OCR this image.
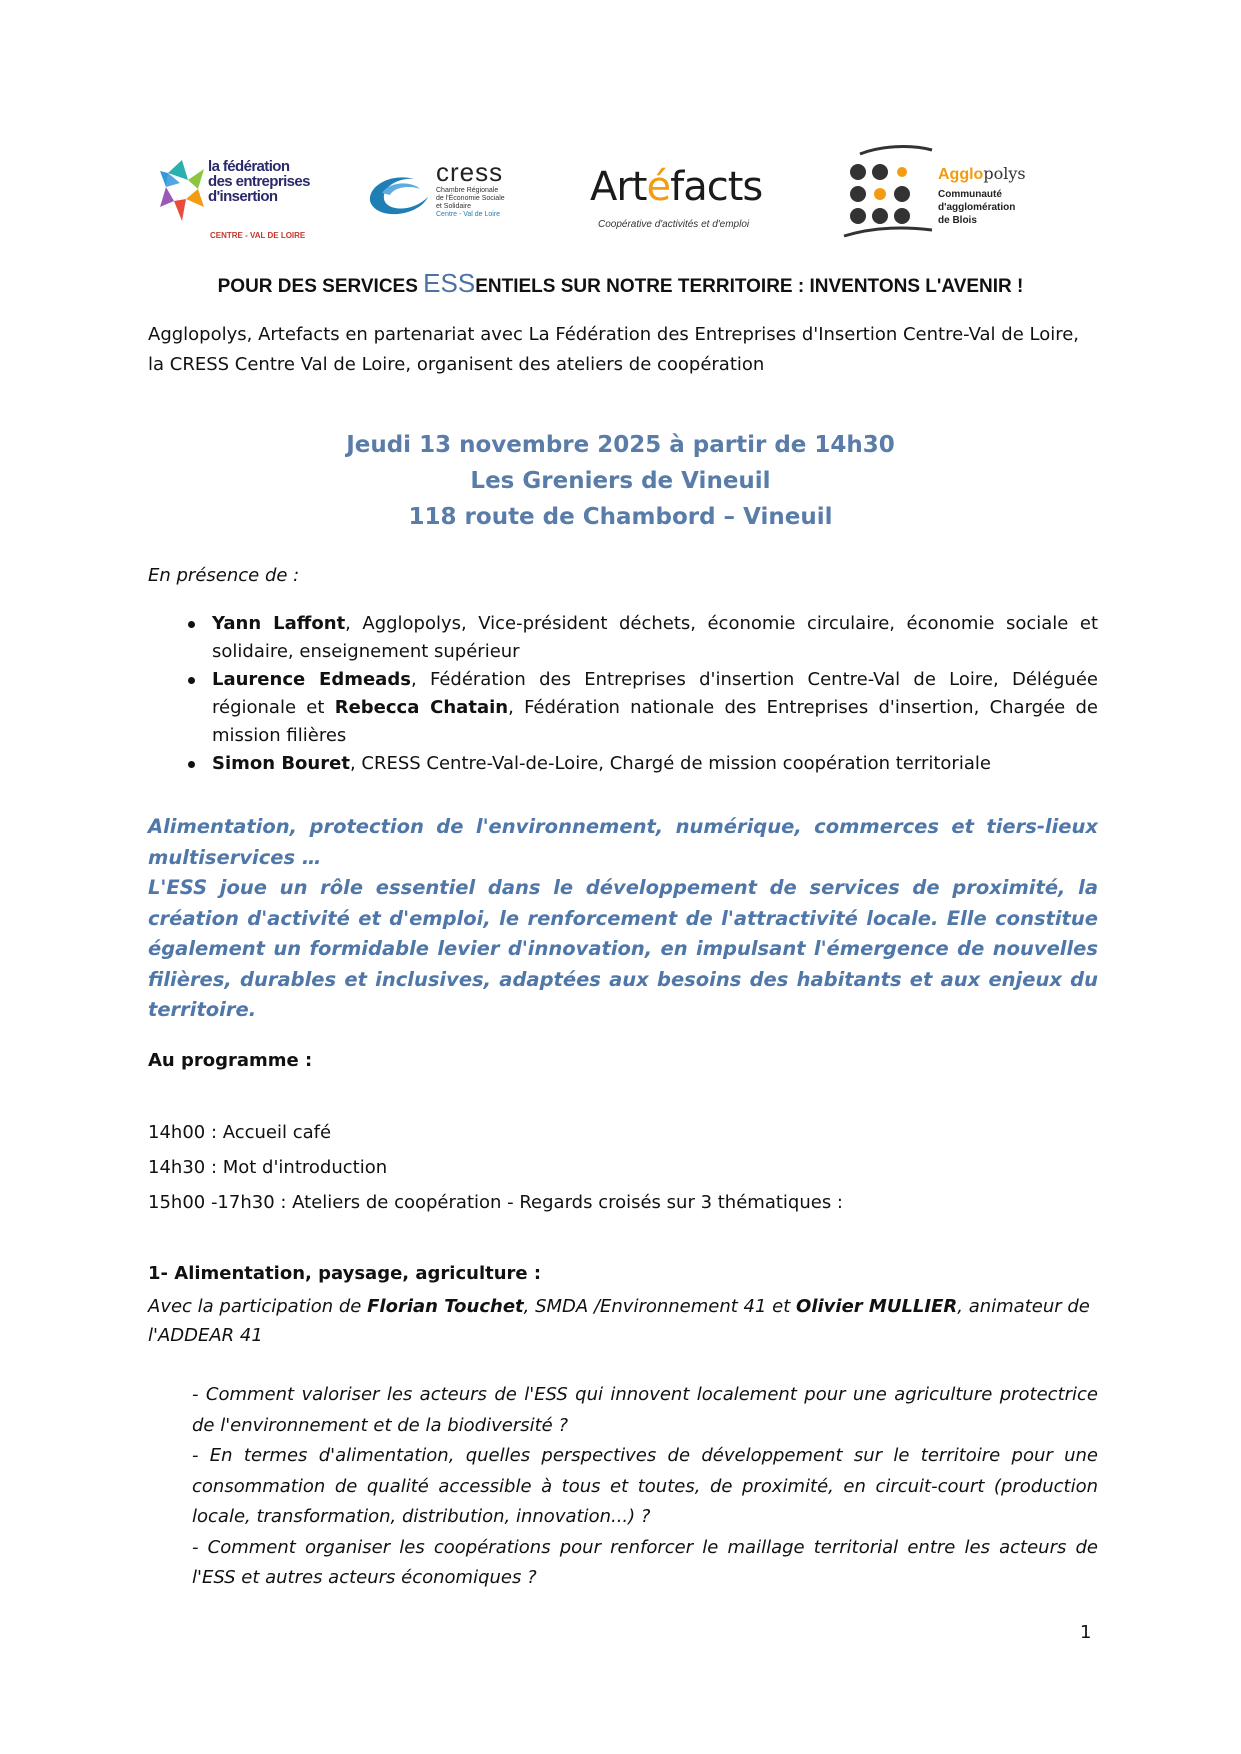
la fédération
des entreprises
d'insertion
CENTRE - VAL DE LOIRE
cress
Chambre Régionale
de l'Économie Sociale
et Solidaire
Centre - Val de Loire
Artéfacts
Coopérative d'activités et d'emploi
Agglopolys
Communauté
d'agglomération
de Blois
POUR DES SERVICES ESSENTIELS SUR NOTRE TERRITOIRE : INVENTONS L'AVENIR !
Agglopolys, Artefacts en partenariat avec La Fédération des Entreprises d'Insertion Centre-Val de Loire, la CRESS Centre Val de Loire, organisent des ateliers de coopération
Jeudi 13 novembre 2025 à partir de 14h30
Les Greniers de Vineuil
118 route de Chambord – Vineuil
En présence de :
Yann Laffont, Agglopolys, Vice-président déchets, économie circulaire, économie sociale et solidaire, enseignement supérieur
Laurence Edmeads, Fédération des Entreprises d'insertion Centre-Val de Loire, Déléguée régionale et Rebecca Chatain, Fédération nationale des Entreprises d'insertion, Chargée de mission filières
Simon Bouret, CRESS Centre-Val-de-Loire, Chargé de mission coopération territoriale

Alimentation, protection de l'environnement, numérique, commerces et tiers-lieux multiservices …

L'ESS joue un rôle essentiel dans le développement de services de proximité, la création d'activité et d'emploi, le renforcement de l'attractivité locale. Elle constitue également un formidable levier d'innovation, en impulsant l'émergence de nouvelles filières, durables et inclusives, adaptées aux besoins des habitants et aux enjeux du territoire.

Au programme :
14h00 : Accueil café
14h30 : Mot d'introduction
15h00 -17h30 : Ateliers de coopération - Regards croisés sur 3 thématiques :
1- Alimentation, paysage, agriculture :
Avec la participation de Florian Touchet, SMDA /Environnement 41 et Olivier MULLIER, animateur de l'ADDEAR 41

- Comment valoriser les acteurs de l'ESS qui innovent localement pour une agriculture protectrice de l'environnement et de la biodiversité ?

- En termes d'alimentation, quelles perspectives de développement sur le territoire pour une consommation de qualité accessible à tous et toutes, de proximité, en circuit-court (production locale, transformation, distribution, innovation...) ?

- Comment organiser les coopérations pour renforcer le maillage territorial entre les acteurs de l'ESS et autres acteurs économiques ?

1
